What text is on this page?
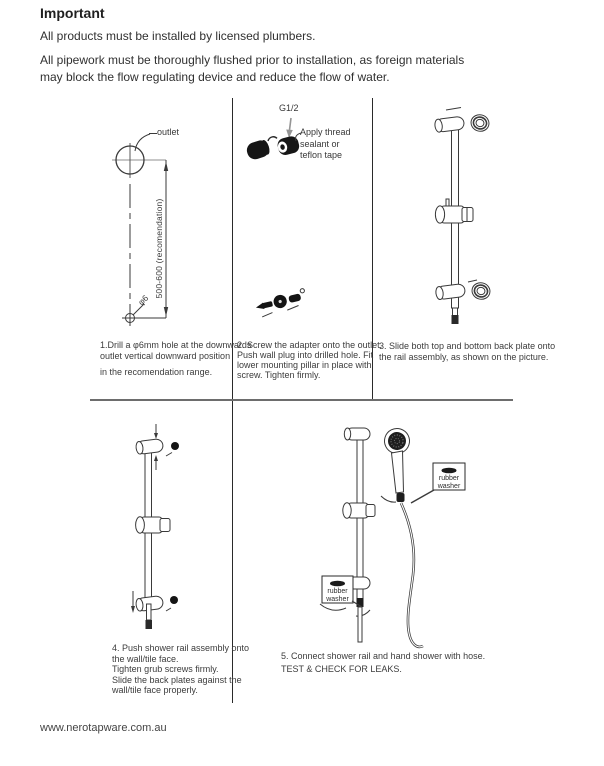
Important
All products must be installed by licensed plumbers.
All pipework must be thoroughly flushed prior to installation, as foreign materials
may block the flow regulating device and reduce the flow of water.
outlet
500-600 (recomendation)
φ6
G1/2
Apply thread
sealant or
teflon tape
rubber
washer
rubber
washer
1.Drill a φ6mm hole at the downwards
outlet vertical downward position
in the recomendation range.
2. Screw the adapter onto the outlet.
Push wall plug into drilled hole. Fit
lower mounting pillar in place with
screw. Tighten firmly.
3. Slide both top and bottom back plate onto
the rail assembly, as shown on the picture.
4. Push shower rail assembly onto
the wall/tile face.
Tighten grub screws firmly.
Slide the back plates against the
wall/tile face properly.
5. Connect shower rail and hand shower with hose.
TEST & CHECK FOR LEAKS.
www.nerotapware.com.au
